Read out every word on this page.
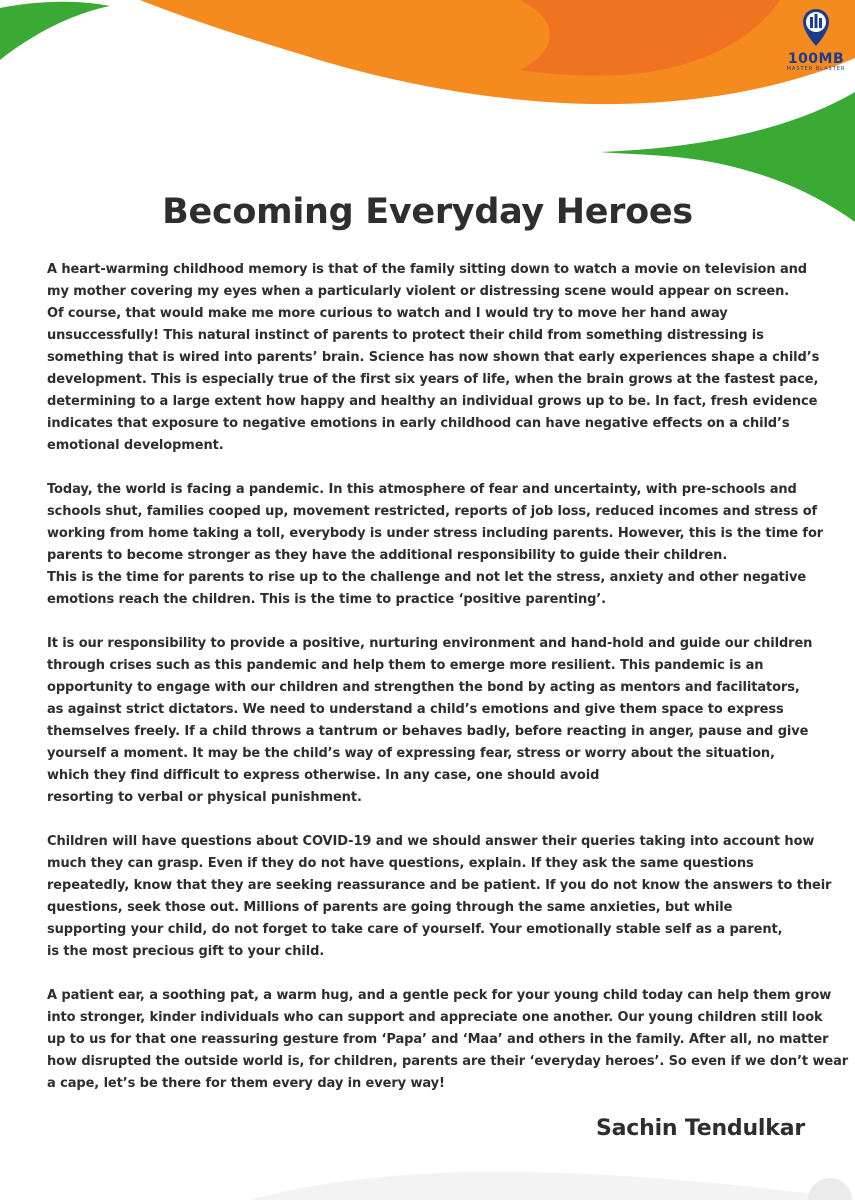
100MB
MASTER BLASTER
Becoming Everyday Heroes

A heart-warming childhood memory is that of the family sitting down to watch a movie on television and
my mother covering my eyes when a particularly violent or distressing scene would appear on screen.
Of course, that would make me more curious to watch and I would try to move her hand away
unsuccessfully! This natural instinct of parents to protect their child from something distressing is
something that is wired into parents’ brain. Science has now shown that early experiences shape a child’s
development. This is especially true of the first six years of life, when the brain grows at the fastest pace,
determining to a large extent how happy and healthy an individual grows up to be. In fact, fresh evidence
indicates that exposure to negative emotions in early childhood can have negative effects on a child’s
emotional development.

Today, the world is facing a pandemic. In this atmosphere of fear and uncertainty, with pre-schools and
schools shut, families cooped up, movement restricted, reports of job loss, reduced incomes and stress of
working from home taking a toll, everybody is under stress including parents. However, this is the time for
parents to become stronger as they have the additional responsibility to guide their children.
This is the time for parents to rise up to the challenge and not let the stress, anxiety and other negative
emotions reach the children. This is the time to practice ‘positive parenting’.

It is our responsibility to provide a positive, nurturing environment and hand-hold and guide our children
through crises such as this pandemic and help them to emerge more resilient. This pandemic is an
opportunity to engage with our children and strengthen the bond by acting as mentors and facilitators,
as against strict dictators. We need to understand a child’s emotions and give them space to express
themselves freely. If a child throws a tantrum or behaves badly, before reacting in anger, pause and give
yourself a moment. It may be the child’s way of expressing fear, stress or worry about the situation,
which they find difficult to express otherwise. In any case, one should avoid
resorting to verbal or physical punishment.

Children will have questions about COVID-19 and we should answer their queries taking into account how
much they can grasp. Even if they do not have questions, explain. If they ask the same questions
repeatedly, know that they are seeking reassurance and be patient. If you do not know the answers to their
questions, seek those out. Millions of parents are going through the same anxieties, but while
supporting your child, do not forget to take care of yourself. Your emotionally stable self as a parent,
is the most precious gift to your child.

A patient ear, a soothing pat, a warm hug, and a gentle peck for your young child today can help them grow
into stronger, kinder individuals who can support and appreciate one another. Our young children still look
up to us for that one reassuring gesture from ‘Papa’ and ‘Maa’ and others in the family. After all, no matter
how disrupted the outside world is, for children, parents are their ‘everyday heroes’. So even if we don’t wear
a cape, let’s be there for them every day in every way!

Sachin Tendulkar
